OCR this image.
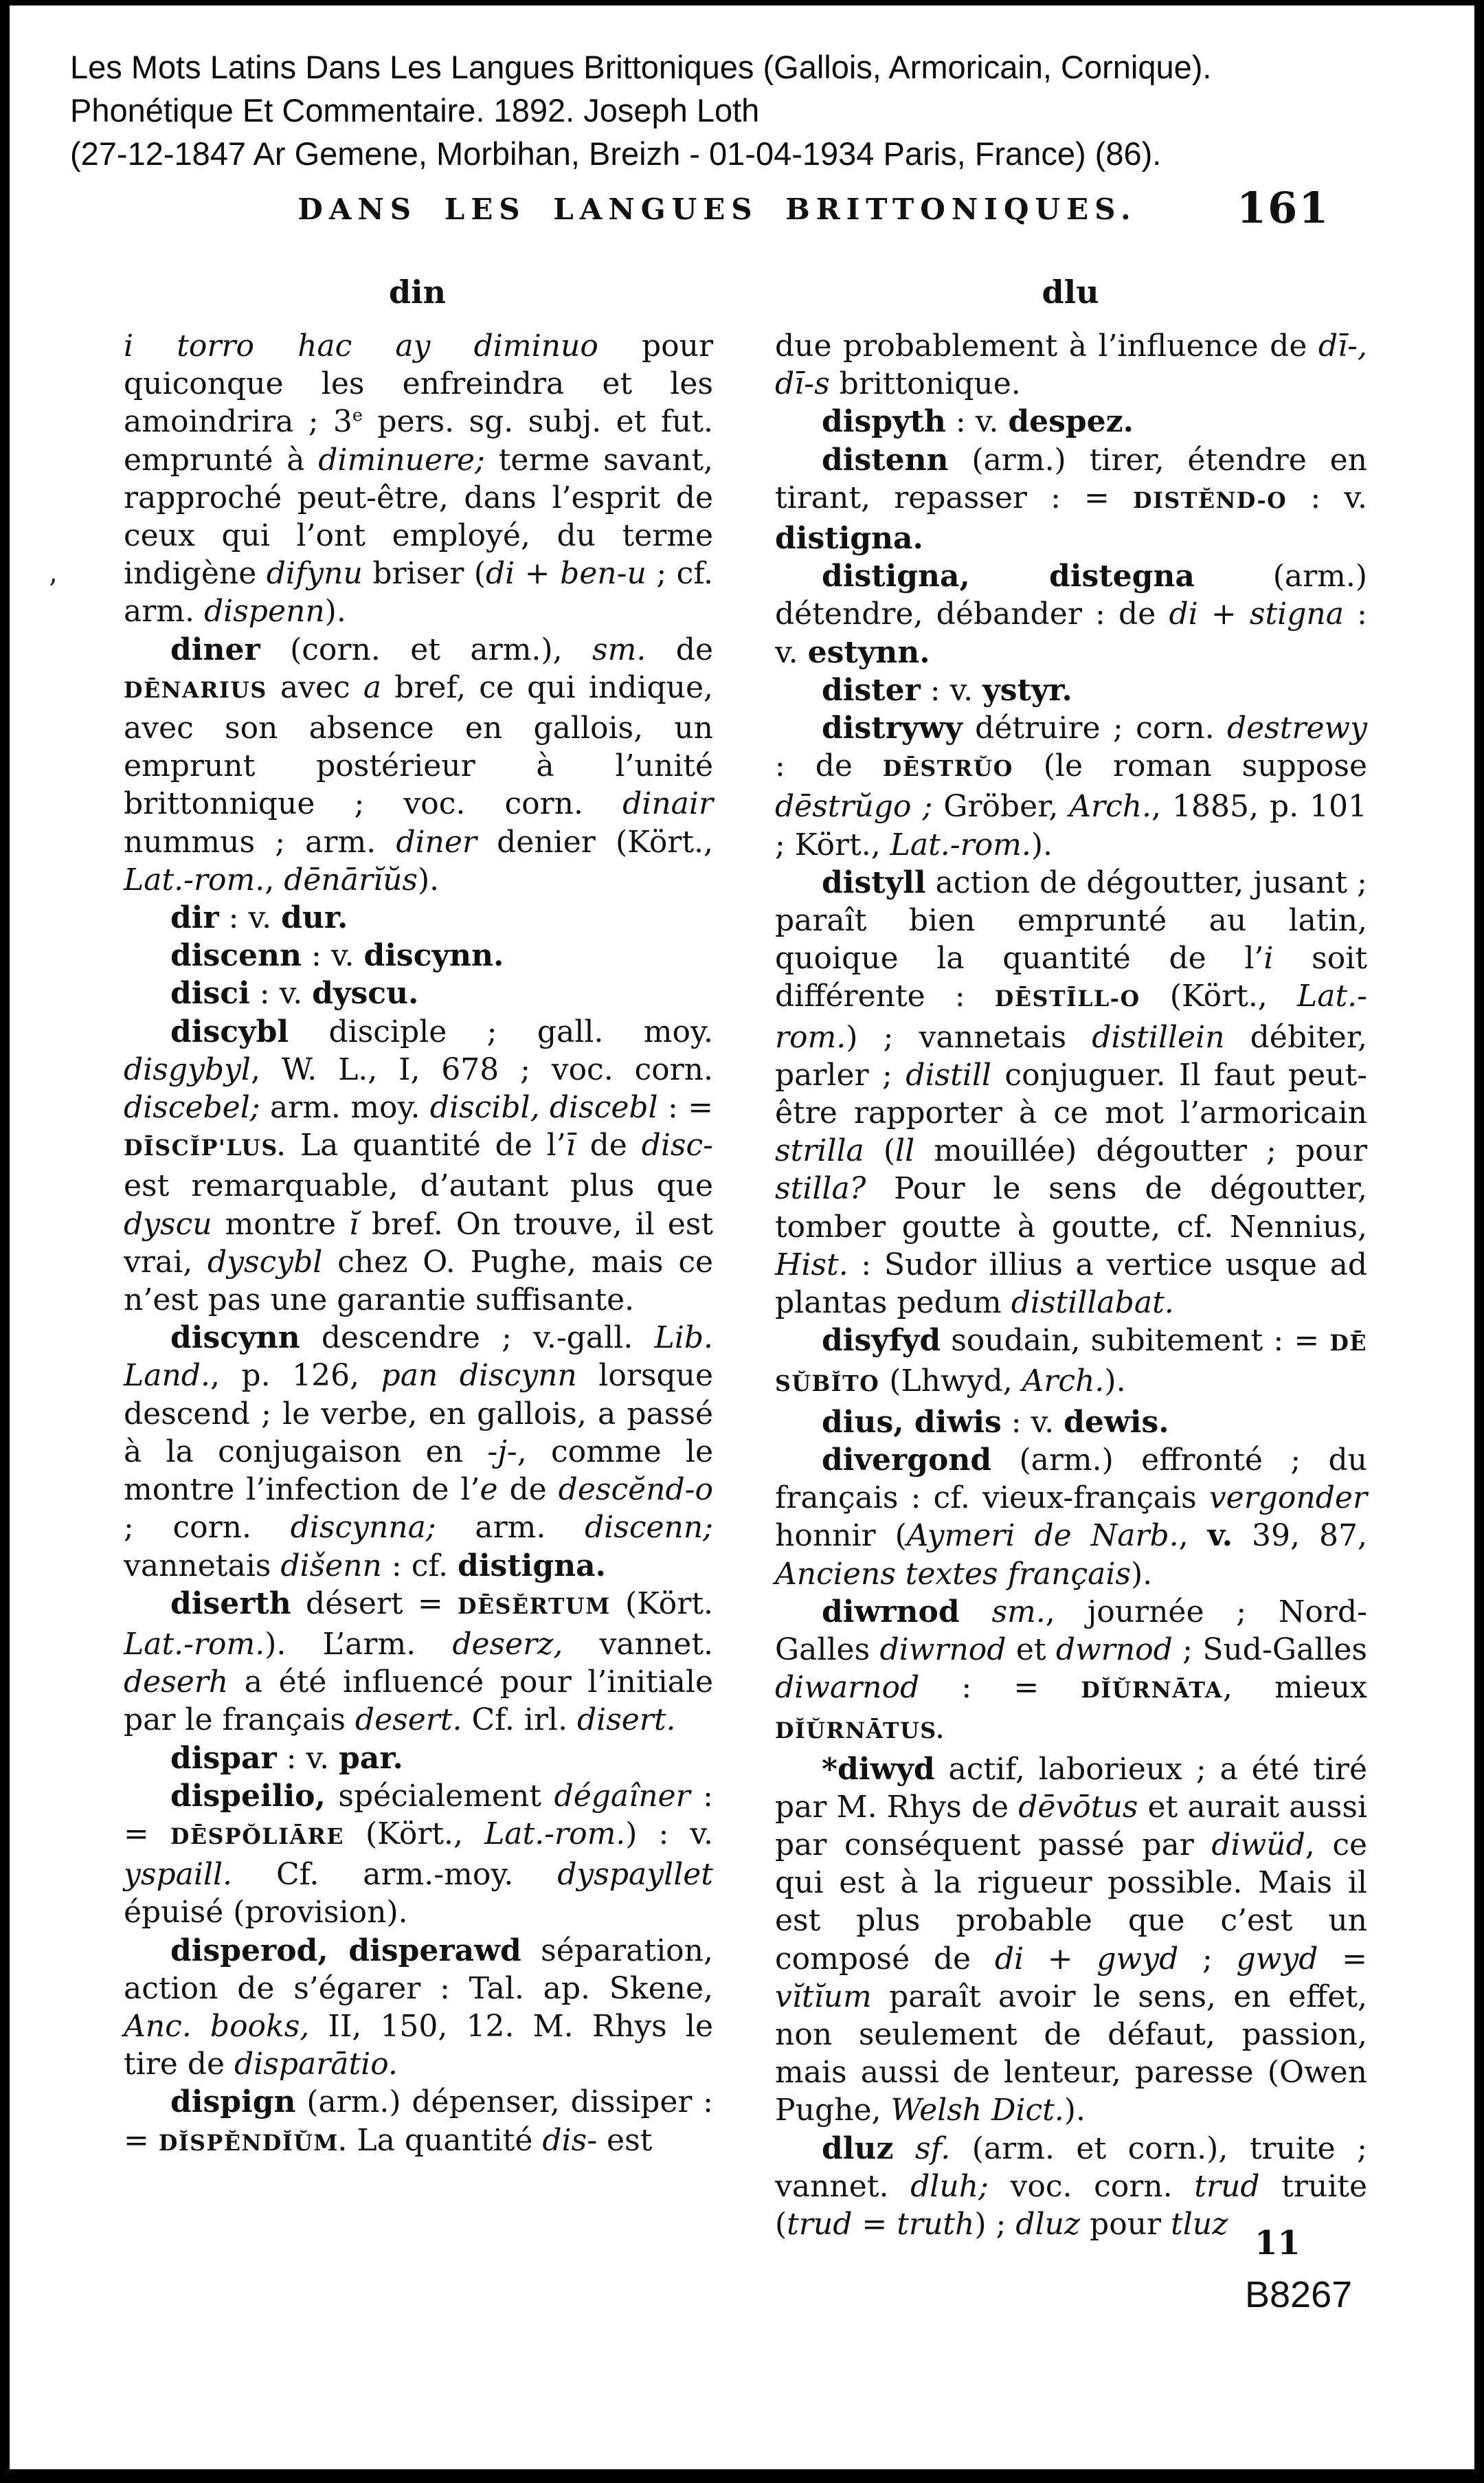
Les Mots Latins Dans Les Langues Brittoniques (Gallois, Armoricain, Cornique).
Phonétique Et Commentaire. 1892. Joseph Loth
(27-12-1847 Ar Gemene, Morbihan, Breizh - 01-04-1934 Paris, France) (86).
DANS LES LANGUES BRITTONIQUES.	161
din	dlu
’

i torro hac ay diminuo pour quiconque les enfreindra et les amoindrira ; 3e pers. sg. subj. et fut. emprunté à diminuere; terme savant, rapproché peut-être, dans l’esprit de ceux qui l’ont employé, du terme indigène difynu briser (di + ben-u ; cf. arm. dispenn).

diner (corn. et arm.), sm. de DĒNARIUS avec a bref, ce qui indique, avec son absence en gallois, un emprunt postérieur à l’unité brittonnique ; voc. corn. dinair nummus ; arm. diner denier (Kört., Lat.-rom., dēnārĭŭs).

dir : v. dur.

discenn : v. discynn.

disci : v. dyscu.

discybl disciple ; gall. moy. disgybyl, W. L., I, 678 ; voc. corn. discebel; arm. moy. discibl, discebl : = DĪSCĬP'LUS. La quantité de l’ī de disc- est remarquable, d’autant plus que dyscu montre ĭ bref. On trouve, il est vrai, dyscybl chez O. Pughe, mais ce n’est pas une garantie suffisante.

discynn descendre ; v.-gall. Lib. Land., p. 126, pan discynn lorsque descend ; le verbe, en gallois, a passé à la conjugaison en -j-, comme le montre l’infection de l’e de descĕnd-o ; corn. discynna; arm. discenn; vannetais dišenn : cf. distigna.

diserth désert = DĒSĔRTUM (Kört. Lat.-rom.). L’arm. deserz, vannet. deserh a été influencé pour l’initiale par le français desert. Cf. irl. disert.

dispar : v. par.

dispeilio, spécialement dégaîner : = DĒSPŎLIĀRE (Kört., Lat.-rom.) : v. yspaill. Cf. arm.-moy. dyspayllet épuisé (provision).

disperod, disperawd séparation, action de s’égarer : Tal. ap. Skene, Anc. books, II, 150, 12. M. Rhys le tire de disparātio.

dispign (arm.) dépenser, dissiper : = DĬSPĔNDĬŬM. La quantité dis- est

due probablement à l’influence de dī-, dī-s brittonique.

dispyth : v. despez.

distenn (arm.) tirer, étendre en tirant, repasser : = DISTĔND-O : v. distigna.

distigna, distegna (arm.) détendre, débander : de di + stigna : v. estynn.

dister : v. ystyr.

distrywy détruire ; corn. destrewy : de DĒSTRŬO (le roman suppose dēstrŭgo ; Gröber, Arch., 1885, p. 101 ; Kört., Lat.-rom.).

distyll action de dégoutter, jusant ; paraît bien emprunté au latin, quoique la quantité de l’i soit différente : DĒSTĪLL-O (Kört., Lat.-rom.) ; vannetais distillein débiter, parler ; distill conjuguer. Il faut peut-être rapporter à ce mot l’armoricain strilla (ll mouillée) dégoutter ; pour stilla? Pour le sens de dégoutter, tomber goutte à goutte, cf. Nennius, Hist. : Sudor illius a vertice usque ad plantas pedum distillabat.

disyfyd soudain, subitement : = DĒ SŬBĬTO (Lhwyd, Arch.).

dius, diwis : v. dewis.

divergond (arm.) effronté ; du français : cf. vieux-français vergonder honnir (Aymeri de Narb., v. 39, 87, Anciens textes français).

diwrnod sm., journée ; Nord-Galles diwrnod et dwrnod ; Sud-Galles diwarnod : = DĬŬRNĀTA, mieux DĬŬRNĀTUS.

*diwyd actif, laborieux ; a été tiré par M. Rhys de dēvōtus et aurait aussi par conséquent passé par diwüd, ce qui est à la rigueur possible. Mais il est plus probable que c’est un composé de di + gwyd ; gwyd = vĭtĭum paraît avoir le sens, en effet, non seulement de défaut, passion, mais aussi de lenteur, paresse (Owen Pughe, Welsh Dict.).

dluz sf. (arm. et corn.), truite ; vannet. dluh; voc. corn. trud truite (trud = truth) ; dluz pour tluz 11
B8267
